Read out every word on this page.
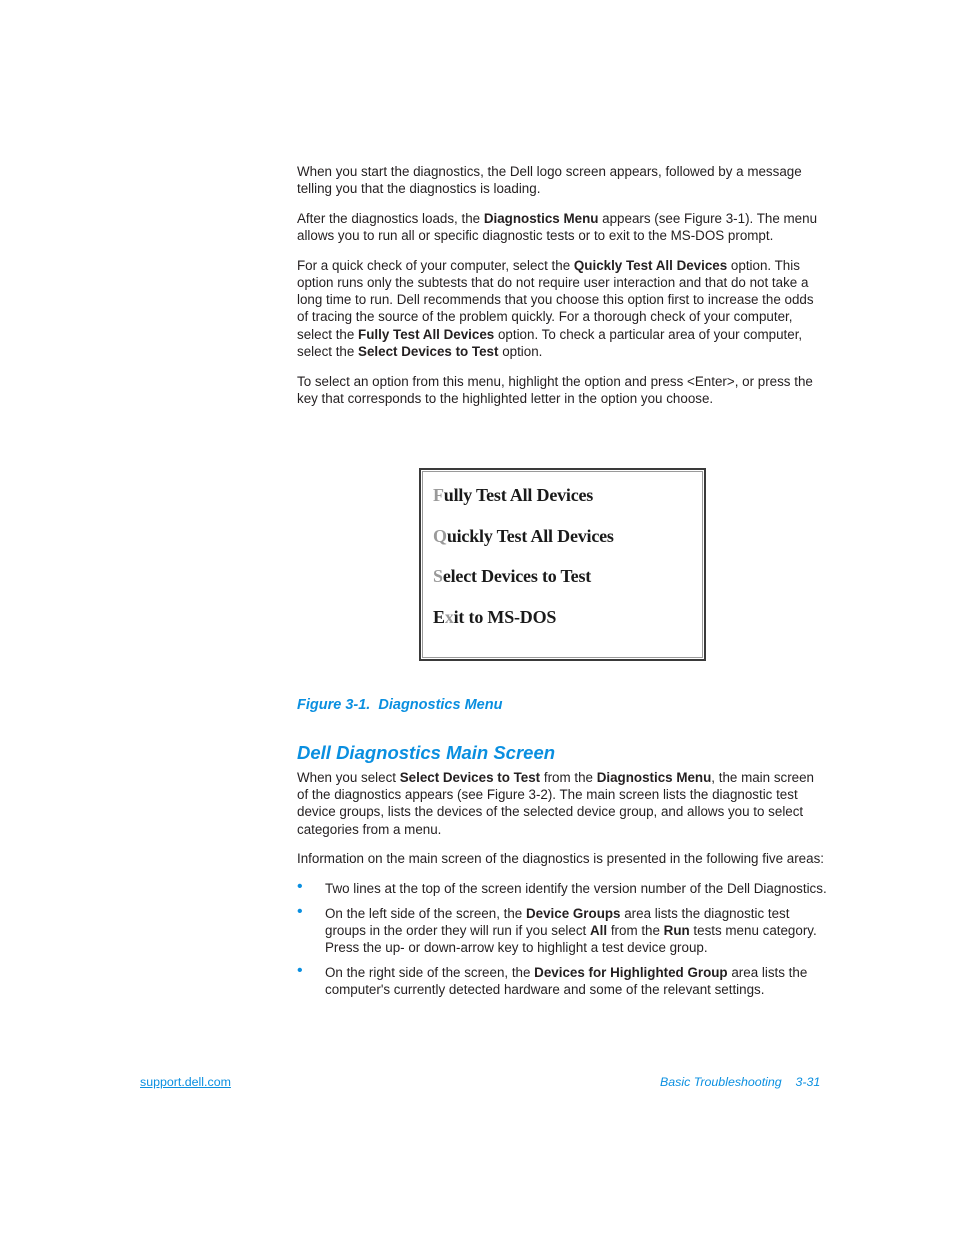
When you start the diagnostics, the Dell logo screen appears, followed by a message telling you that the diagnostics is loading.

After the diagnostics loads, the Diagnostics Menu appears (see Figure 3-1). The menu allows you to run all or specific diagnostic tests or to exit to the MS-DOS prompt.

For a quick check of your computer, select the Quickly Test All Devices option. This option runs only the subtests that do not require user interaction and that do not take a long time to run. Dell recommends that you choose this option first to increase the odds of tracing the source of the problem quickly. For a thorough check of your computer, select the Fully Test All Devices option. To check a particular area of your computer, select the Select Devices to Test option.

To select an option from this menu, highlight the option and press <Enter>, or press the key that corresponds to the highlighted letter in the option you choose.

Fully Test All Devices
Quickly Test All Devices
Select Devices to Test
Exit to MS-DOS
Figure 3-1.  Diagnostics Menu
Dell Diagnostics Main Screen

When you select Select Devices to Test from the Diagnostics Menu, the main screen of the diagnostics appears (see Figure 3-2). The main screen lists the diagnostic test device groups, lists the devices of the selected device group, and allows you to select categories from a menu.

Information on the main screen of the diagnostics is presented in the following five areas:

• Two lines at the top of the screen identify the version number of the Dell Diagnostics.
• On the left side of the screen, the Device Groups area lists the diagnostic test groups in the order they will run if you select All from the Run tests menu category. Press the up- or down-arrow key to highlight a test device group.
• On the right side of the screen, the Devices for Highlighted Group area lists the computer's currently detected hardware and some of the relevant settings.
support.dell.com	Basic Troubleshooting    3-31
